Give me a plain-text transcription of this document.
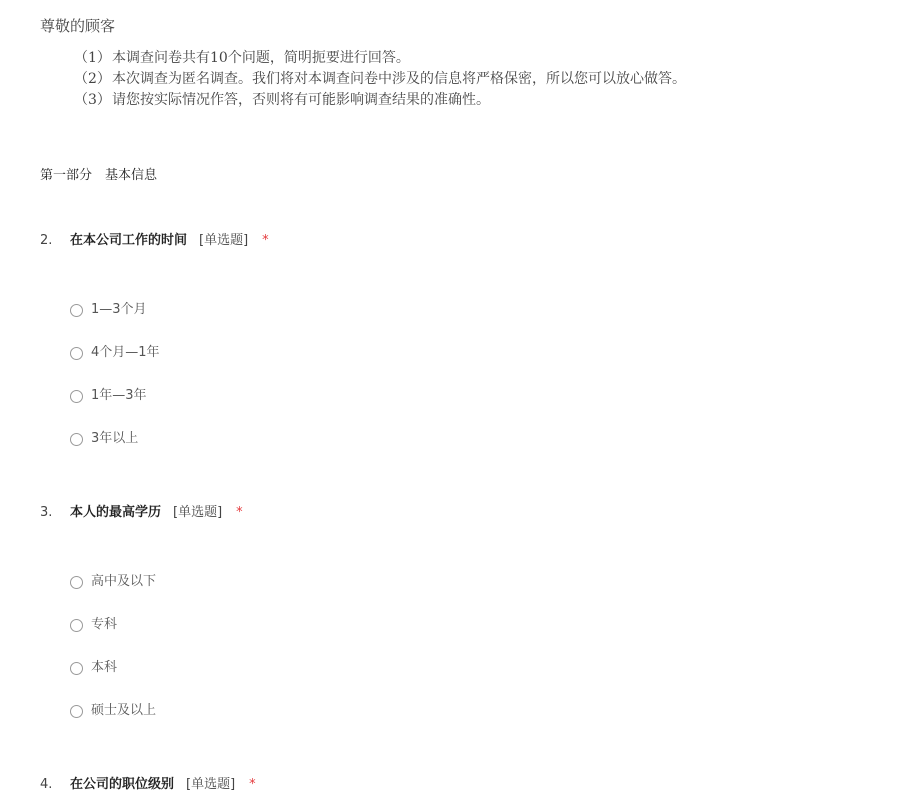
尊敬的顾客
（1）本调查问卷共有10个问题，简明扼要进行回答。
（2）本次调查为匿名调查。我们将对本调查问卷中涉及的信息将严格保密，所以您可以放心做答。
（3）请您按实际情况作答，否则将有可能影响调查结果的准确性。
第一部分　基本信息
2. 在本公司工作的时间 [单选题] *
1—3个月
4个月—1年
1年—3年
3年以上
3. 本人的最高学历 [单选题] *
高中及以下
专科
本科
硕士及以上
4. 在公司的职位级别 [单选题] *
